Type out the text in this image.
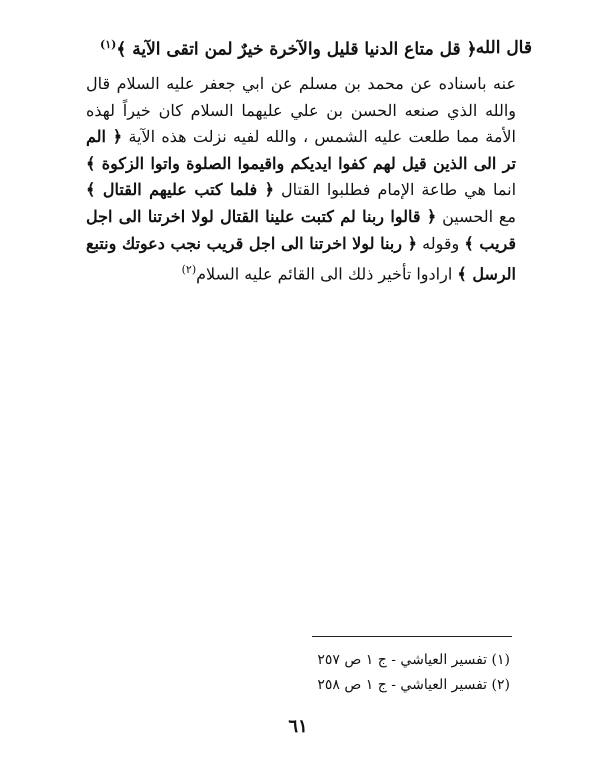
قال الله
﴿ قل متاع الدنيا قليل والآخرة خيرٌ لمن اتقى الآية ﴾$^{(١)}$
عنه باسناده عن محمد بن مسلم عن ابي جعفر عليه السلام قال والله الذي صنعه الحسن بن علي عليهما السلام كان خيراً لهذه الأمة مما طلعت عليه الشمس ، والله لفيه نزلت هذه الآية ﴿ الم تر الى الذين قيل لهم كفوا ايديكم واقيموا الصلوة واتوا الزكوة ﴾ انما هي طاعة الإمام فطلبوا القتال ﴿ فلما كتب عليهم القتال ﴾ مع الحسين ﴿ قالوا ربنا لم كتبت علينا القتال لولا اخرتنا الى اجل قريب ﴾ وقوله ﴿ ربنا لولا اخرتنا الى اجل قريب نجب دعوتك ونتبع الرسل ﴾ ارادوا تأخير ذلك الى القائم عليه السلام$^{(٢)}$
(١) تفسير العياشي - ج ١ ص ٢٥٧
(٢) تفسير العياشي - ج ١ ص ٢٥٨
٦١
